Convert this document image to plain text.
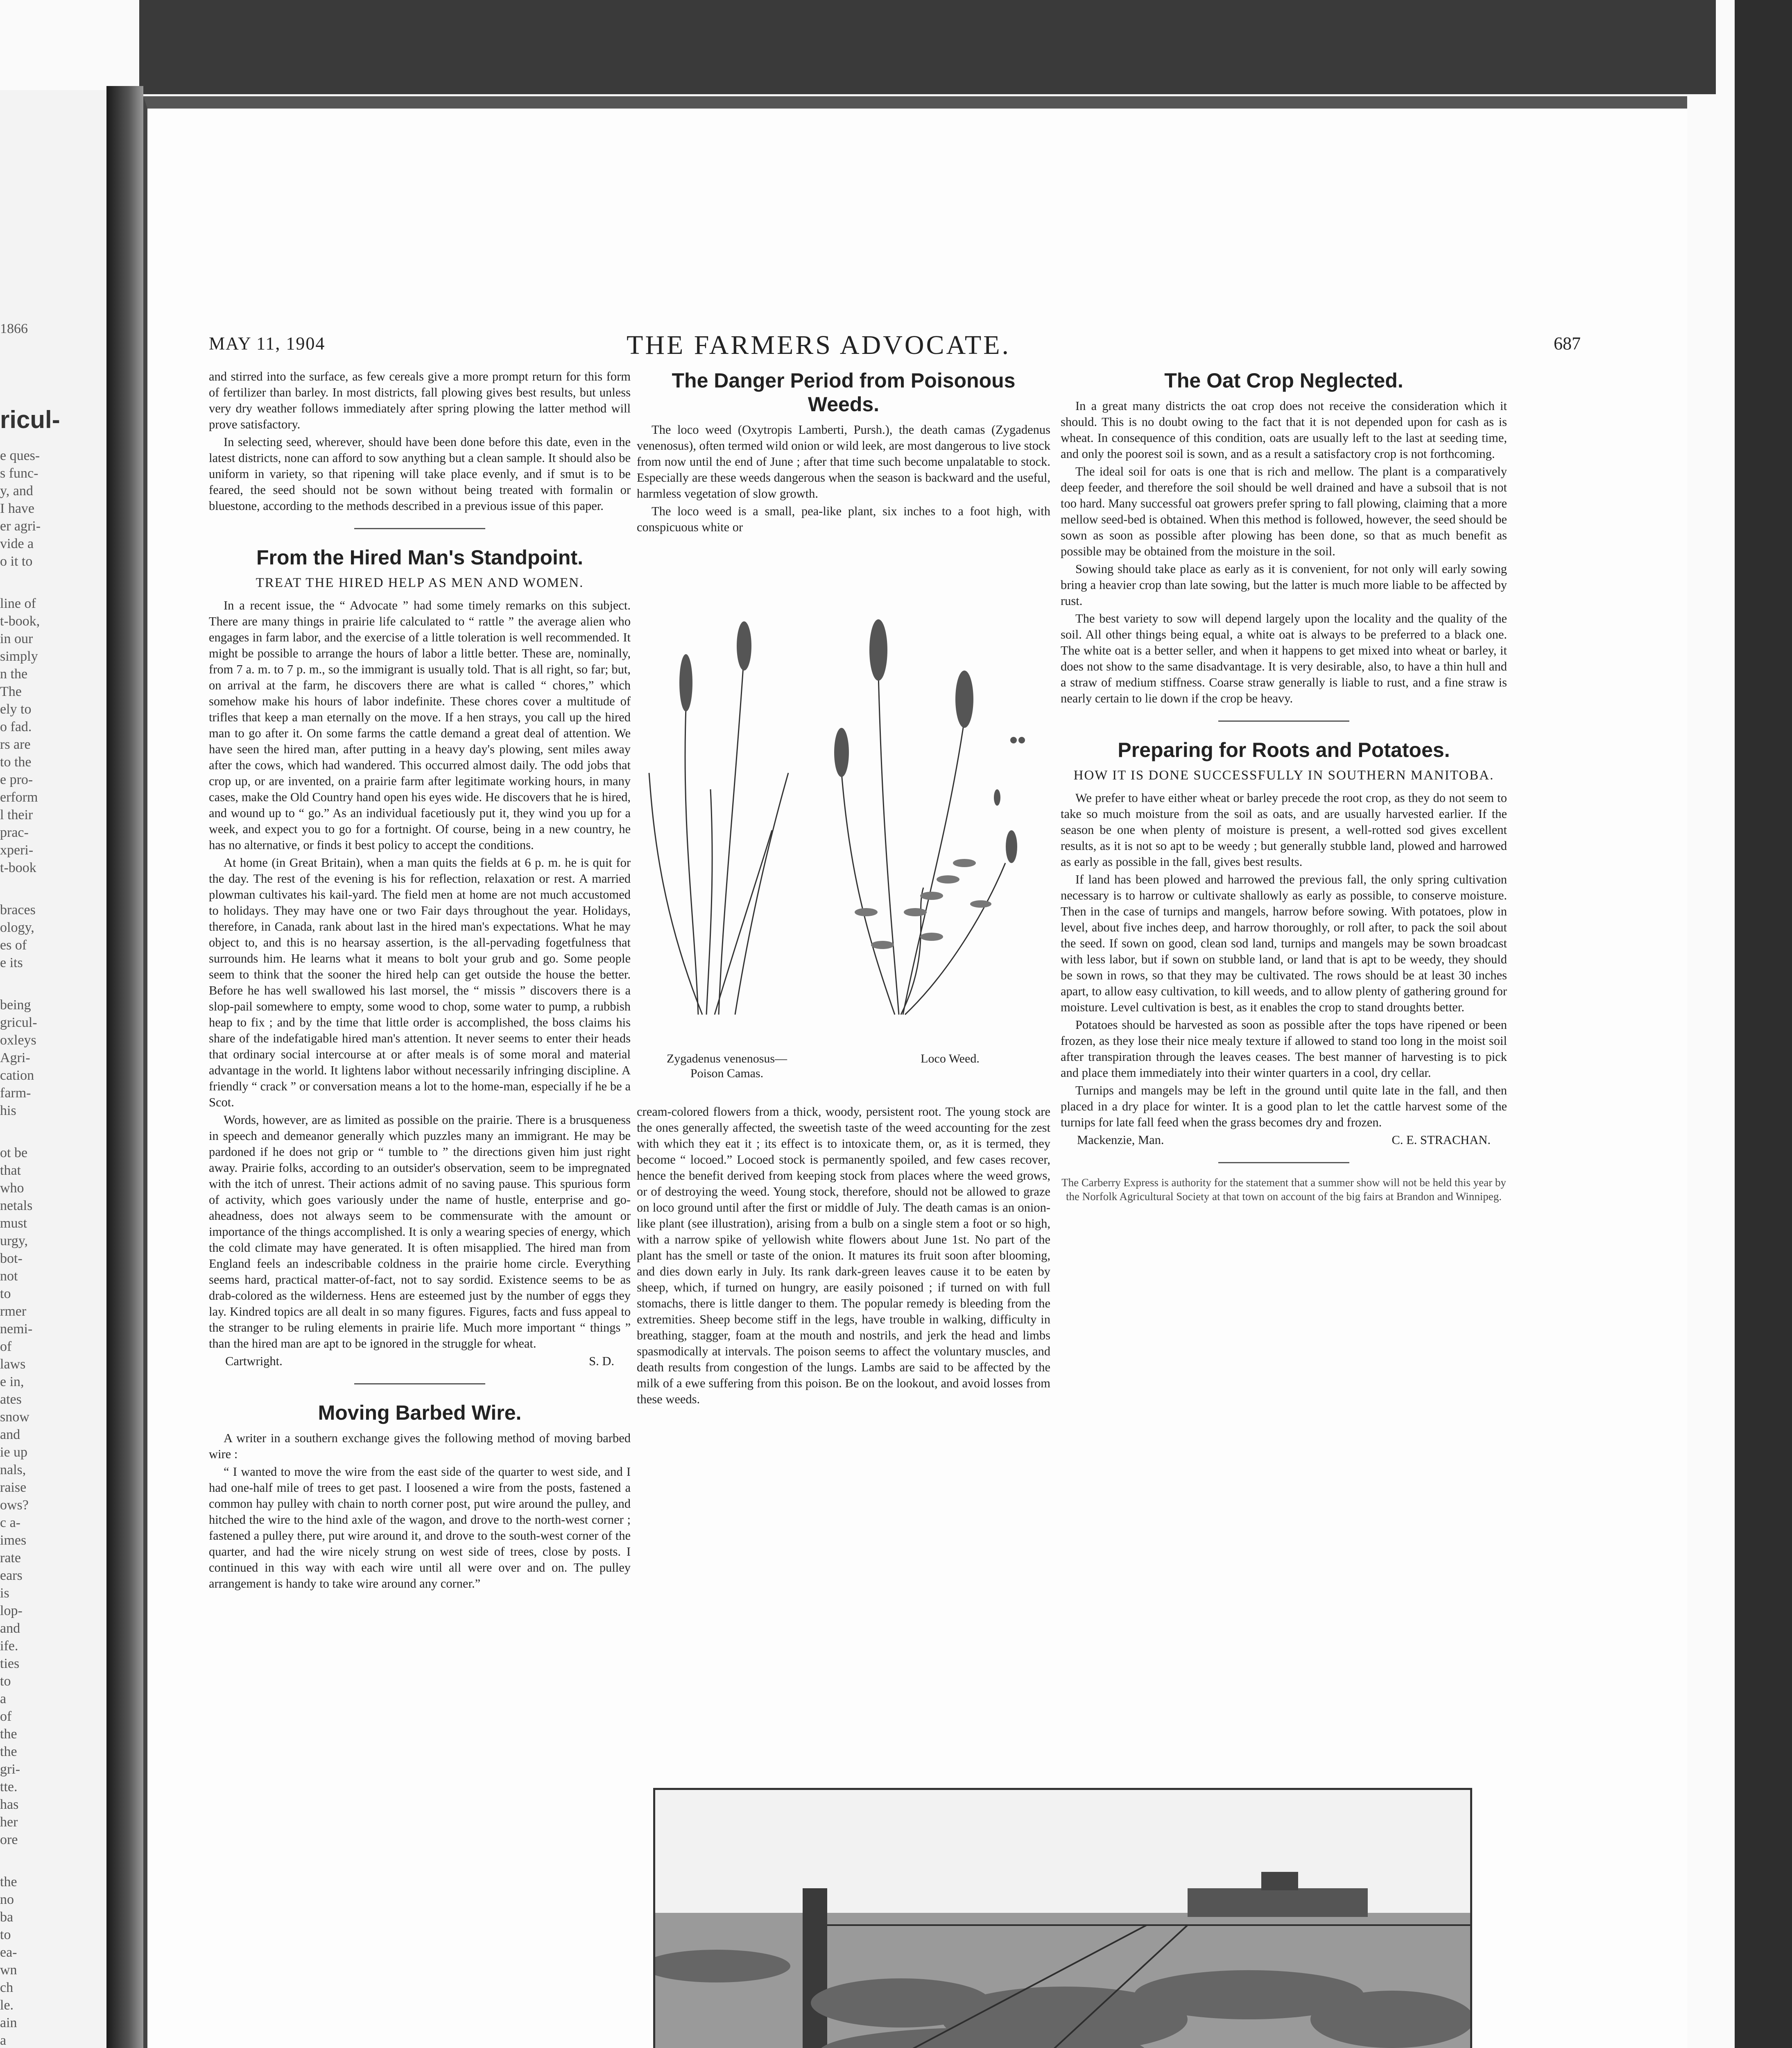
1866
ricul-
e ques-
s func-
y, and
I have
er agri-
vide a
o it to
line of
t-book,
in our
simply
n the
The
ely to
o fad.
rs are
to the
e pro-
erform
l their
prac-
xperi-
t-book
braces
ology,
es of
e its
being
gricul-
oxleys
Agri-
cation
farm-
his
ot be
that
who
netals
must
urgy,
bot-
not
to
rmer
nemi-
of
laws
e in,
ates
snow
and
ie up
nals,
raise
ows?
c a-
imes
rate
ears
is
lop-
and
ife.
ties
to
a
of
the
the
gri-
tte.
has
her
ore
the
no
ba
to
ea-
wn
ch
le.
ain
a
MAY 11, 1904	THE FARMERS ADVOCATE.	687

and stirred into the surface, as few cereals give a more prompt return for this form of fertilizer than barley. In most districts, fall plowing gives best results, but unless very dry weather follows immediately after spring plowing the latter method will prove satisfactory.

In selecting seed, wherever, should have been done before this date, even in the latest districts, none can afford to sow anything but a clean sample. It should also be uniform in variety, so that ripening will take place evenly, and if smut is to be feared, the seed should not be sown without being treated with formalin or bluestone, according to the methods described in a previous issue of this paper.

From the Hired Man's Standpoint.
TREAT THE HIRED HELP AS MEN AND WOMEN.

In a recent issue, the “ Advocate ” had some timely remarks on this subject. There are many things in prairie life calculated to “ rattle ” the average alien who engages in farm labor, and the exercise of a little toleration is well recommended. It might be possible to arrange the hours of labor a little better. These are, nominally, from 7 a. m. to 7 p. m., so the immigrant is usually told. That is all right, so far; but, on arrival at the farm, he discovers there are what is called “ chores,” which somehow make his hours of labor indefinite. These chores cover a multitude of trifles that keep a man eternally on the move. If a hen strays, you call up the hired man to go after it. On some farms the cattle demand a great deal of attention. We have seen the hired man, after putting in a heavy day's plowing, sent miles away after the cows, which had wandered. This occurred almost daily. The odd jobs that crop up, or are invented, on a prairie farm after legitimate working hours, in many cases, make the Old Country hand open his eyes wide. He discovers that he is hired, and wound up to “ go.” As an individual facetiously put it, they wind you up for a week, and expect you to go for a fortnight. Of course, being in a new country, he has no alternative, or finds it best policy to accept the conditions.

At home (in Great Britain), when a man quits the fields at 6 p. m. he is quit for the day. The rest of the evening is his for reflection, relaxation or rest. A married plowman cultivates his kail-yard. The field men at home are not much accustomed to holidays. They may have one or two Fair days throughout the year. Holidays, therefore, in Canada, rank about last in the hired man's expectations. What he may object to, and this is no hearsay assertion, is the all-pervading fogetfulness that surrounds him. He learns what it means to bolt your grub and go. Some people seem to think that the sooner the hired help can get outside the house the better. Before he has well swallowed his last morsel, the “ missis ” discovers there is a slop-pail somewhere to empty, some wood to chop, some water to pump, a rubbish heap to fix ; and by the time that little order is accomplished, the boss claims his share of the indefatigable hired man's attention. It never seems to enter their heads that ordinary social intercourse at or after meals is of some moral and material advantage in the world. It lightens labor without necessarily infringing discipline. A friendly “ crack ” or conversation means a lot to the home-man, especially if he be a Scot.

Words, however, are as limited as possible on the prairie. There is a brusqueness in speech and demeanor generally which puzzles many an immigrant. He may be pardoned if he does not grip or “ tumble to ” the directions given him just right away. Prairie folks, according to an outsider's observation, seem to be impregnated with the itch of unrest. Their actions admit of no saving pause. This spurious form of activity, which goes variously under the name of hustle, enterprise and go-aheadness, does not always seem to be commensurate with the amount or importance of the things accomplished. It is only a wearing species of energy, which the cold climate may have generated. It is often misapplied. The hired man from England feels an indescribable coldness in the prairie home circle. Everything seems hard, practical matter-of-fact, not to say sordid. Existence seems to be as drab-colored as the wilderness. Hens are esteemed just by the number of eggs they lay. Kindred topics are all dealt in so many figures. Figures, facts and fuss appeal to the stranger to be ruling elements in prairie life. Much more important “ things ” than the hired man are apt to be ignored in the struggle for wheat.

Cartwright.	S. D.
Moving Barbed Wire.

A writer in a southern exchange gives the following method of moving barbed wire :

“ I wanted to move the wire from the east side of the quarter to west side, and I had one-half mile of trees to get past. I loosened a wire from the posts, fastened a common hay pulley with chain to north corner post, put wire around the pulley, and hitched the wire to the hind axle of the wagon, and drove to the north-west corner ; fastened a pulley there, put wire around it, and drove to the south-west corner of the quarter, and had the wire nicely strung on west side of trees, close by posts. I continued in this way with each wire until all were over and on. The pulley arrangement is handy to take wire around any corner.”

The Danger Period from Poisonous Weeds.

The loco weed (Oxytropis Lamberti, Pursh.), the death camas (Zygadenus venenosus), often termed wild onion or wild leek, are most dangerous to live stock from now until the end of June ; after that time such become unpalatable to stock. Especially are these weeds dangerous when the season is backward and the useful, harmless vegetation of slow growth.

The loco weed is a small, pea-like plant, six inches to a foot high, with conspicuous white or

Zygadenus venenosus—Poison Camas.
Loco Weed.

cream-colored flowers from a thick, woody, persistent root. The young stock are the ones generally affected, the sweetish taste of the weed accounting for the zest with which they eat it ; its effect is to intoxicate them, or, as it is termed, they become “ locoed.” Locoed stock is permanently spoiled, and few cases recover, hence the benefit derived from keeping stock from places where the weed grows, or of destroying the weed. Young stock, therefore, should not be allowed to graze on loco ground until after the first or middle of July. The death camas is an onion-like plant (see illustration), arising from a bulb on a single stem a foot or so high, with a narrow spike of yellowish white flowers about June 1st. No part of the plant has the smell or taste of the onion. It matures its fruit soon after blooming, and dies down early in July. Its rank dark-green leaves cause it to be eaten by sheep, which, if turned on hungry, are easily poisoned ; if turned on with full stomachs, there is little danger to them. The popular remedy is bleeding from the extremities. Sheep become stiff in the legs, have trouble in walking, difficulty in breathing, stagger, foam at the mouth and nostrils, and jerk the head and limbs spasmodically at intervals. The poison seems to affect the voluntary muscles, and death results from congestion of the lungs. Lambs are said to be affected by the milk of a ewe suffering from this poison. Be on the lookout, and avoid losses from these weeds.

The Oat Crop Neglected.

In a great many districts the oat crop does not receive the consideration which it should. This is no doubt owing to the fact that it is not depended upon for cash as is wheat. In consequence of this condition, oats are usually left to the last at seeding time, and only the poorest soil is sown, and as a result a satisfactory crop is not forthcoming.

The ideal soil for oats is one that is rich and mellow. The plant is a comparatively deep feeder, and therefore the soil should be well drained and have a subsoil that is not too hard. Many successful oat growers prefer spring to fall plowing, claiming that a more mellow seed-bed is obtained. When this method is followed, however, the seed should be sown as soon as possible after plowing has been done, so that as much benefit as possible may be obtained from the moisture in the soil.

Sowing should take place as early as it is convenient, for not only will early sowing bring a heavier crop than late sowing, but the latter is much more liable to be affected by rust.

The best variety to sow will depend largely upon the locality and the quality of the soil. All other things being equal, a white oat is always to be preferred to a black one. The white oat is a better seller, and when it happens to get mixed into wheat or barley, it does not show to the same disadvantage. It is very desirable, also, to have a thin hull and a straw of medium stiffness. Coarse straw generally is liable to rust, and a fine straw is nearly certain to lie down if the crop be heavy.

Preparing for Roots and Potatoes.
HOW IT IS DONE SUCCESSFULLY IN SOUTHERN MANITOBA.

We prefer to have either wheat or barley precede the root crop, as they do not seem to take so much moisture from the soil as oats, and are usually harvested earlier. If the season be one when plenty of moisture is present, a well-rotted sod gives excellent results, as it is not so apt to be weedy ; but generally stubble land, plowed and harrowed as early as possible in the fall, gives best results.

If land has been plowed and harrowed the previous fall, the only spring cultivation necessary is to harrow or cultivate shallowly as early as possible, to conserve moisture. Then in the case of turnips and mangels, harrow before sowing. With potatoes, plow in level, about five inches deep, and harrow thoroughly, or roll after, to pack the soil about the seed. If sown on good, clean sod land, turnips and mangels may be sown broadcast with less labor, but if sown on stubble land, or land that is apt to be weedy, they should be sown in rows, so that they may be cultivated. The rows should be at least 30 inches apart, to allow easy cultivation, to kill weeds, and to allow plenty of gathering ground for moisture. Level cultivation is best, as it enables the crop to stand droughts better.

Potatoes should be harvested as soon as possible after the tops have ripened or been frozen, as they lose their nice mealy texture if allowed to stand too long in the moist soil after transpiration through the leaves ceases. The best manner of harvesting is to pick and place them immediately into their winter quarters in a cool, dry cellar.

Turnips and mangels may be left in the ground until quite late in the fall, and then placed in a dry place for winter. It is a good plan to let the cattle harvest some of the turnips for late fall feed when the grass becomes dry and frozen.

Mackenzie, Man.	C. E. STRACHAN.
The Carberry Express is authority for the statement that a summer show will not be held this year by the Norfolk Agricultural Society at that town on account of the big fairs at Brandon and Winnipeg.
